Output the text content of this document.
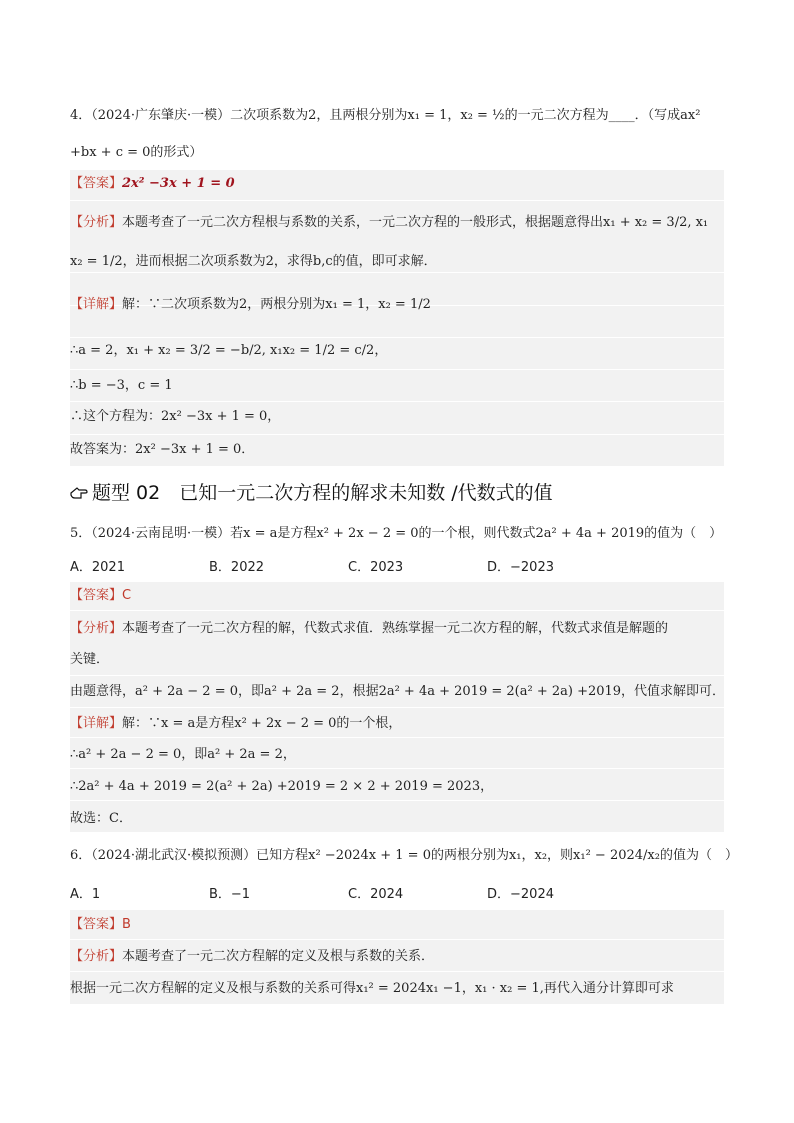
4．（2024·广东肇庆·一模）二次项系数为2，且两根分别为x₁ = 1，x₂ = ½的一元二次方程为____．（写成ax²
+bx + c = 0的形式）
【答案】2x² −3x + 1 = 0
【分析】本题考查了一元二次方程根与系数的关系，一元二次方程的一般形式，根据题意得出x₁ + x₂ = 3/2, x₁
x₂ = 1/2，进而根据二次项系数为2，求得b,c的值，即可求解．
【详解】解：∵二次项系数为2，两根分别为x₁ = 1，x₂ = 1/2
∴a = 2，x₁ + x₂ = 3/2 = −b/2, x₁x₂ = 1/2 = c/2，
∴b = −3，c = 1
∴这个方程为：2x² −3x + 1 = 0，
故答案为：2x² −3x + 1 = 0．
题型 02　已知一元二次方程的解求未知数 /代数式的值
5．（2024·云南昆明·一模）若x = a是方程x² + 2x − 2 = 0的一个根，则代数式2a² + 4a + 2019的值为（　）
A．2021	B．2022	C．2023	D．−2023
【答案】C
【分析】本题考查了一元二次方程的解，代数式求值．熟练掌握一元二次方程的解，代数式求值是解题的
关键．
由题意得，a² + 2a − 2 = 0，即a² + 2a = 2，根据2a² + 4a + 2019 = 2(a² + 2a) +2019，代值求解即可．
【详解】解：∵x = a是方程x² + 2x − 2 = 0的一个根，
∴a² + 2a − 2 = 0，即a² + 2a = 2，
∴2a² + 4a + 2019 = 2(a² + 2a) +2019 = 2 × 2 + 2019 = 2023，
故选：C．
6．（2024·湖北武汉·模拟预测）已知方程x² −2024x + 1 = 0的两根分别为x₁，x₂，则x₁² − 2024/x₂的值为（　）
A．1	B．−1	C．2024	D．−2024
【答案】B
【分析】本题考查了一元二次方程解的定义及根与系数的关系．
根据一元二次方程解的定义及根与系数的关系可得x₁² = 2024x₁ −1，x₁ · x₂ = 1,再代入通分计算即可求
